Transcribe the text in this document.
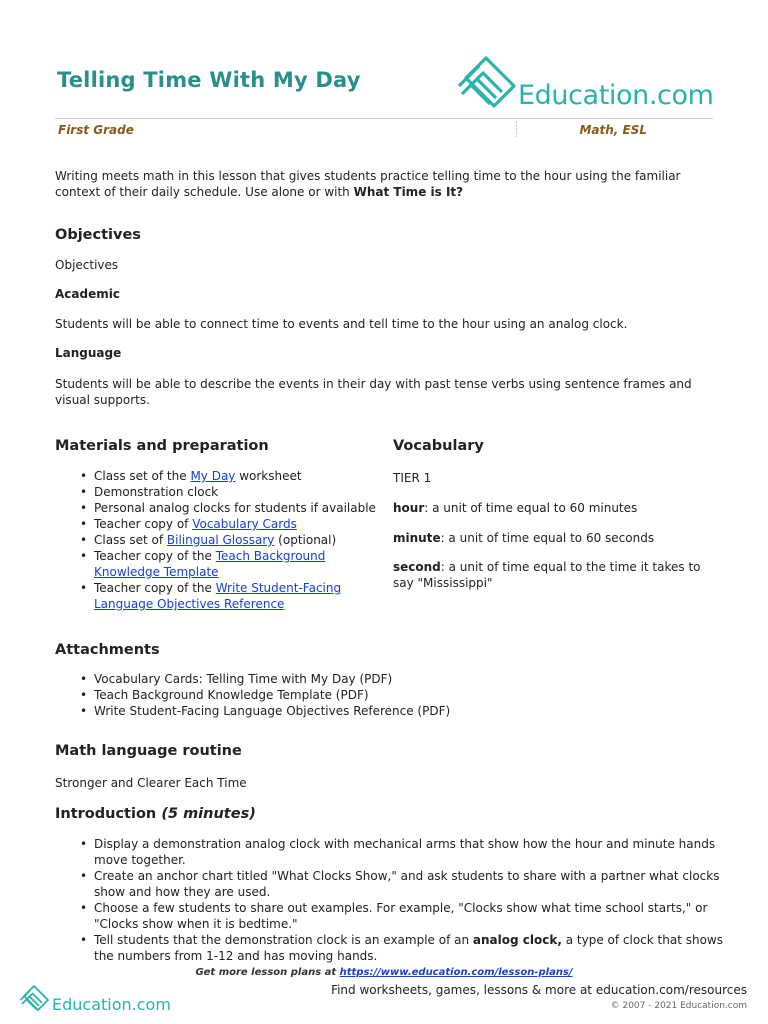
Telling Time With My Day	Education.com
First Grade	Math, ESL
Writing meets math in this lesson that gives students practice telling time to the hour using the familiar context of their daily schedule. Use alone or with What Time is It?
Objectives
Objectives
Academic
Students will be able to connect time to events and tell time to the hour using an analog clock.
Language
Students will be able to describe the events in their day with past tense verbs using sentence frames and visual supports.
Materials and preparation
• Class set of the My Day worksheet
• Demonstration clock
• Personal analog clocks for students if available
• Teacher copy of Vocabulary Cards
• Class set of Bilingual Glossary (optional)
• Teacher copy of the Teach Background Knowledge Template
• Teacher copy of the Write Student-Facing Language Objectives Reference
Vocabulary
TIER 1
hour: a unit of time equal to 60 minutes
minute: a unit of time equal to 60 seconds
second: a unit of time equal to the time it takes to say "Mississippi"
Attachments
• Vocabulary Cards: Telling Time with My Day (PDF)
• Teach Background Knowledge Template (PDF)
• Write Student-Facing Language Objectives Reference (PDF)
Math language routine
Stronger and Clearer Each Time
Introduction (5 minutes)
• Display a demonstration analog clock with mechanical arms that show how the hour and minute hands move together.
• Create an anchor chart titled "What Clocks Show," and ask students to share with a partner what clocks show and how they are used.
• Choose a few students to share out examples. For example, "Clocks show what time school starts," or "Clocks show when it is bedtime."
• Tell students that the demonstration clock is an example of an analog clock, a type of clock that shows the numbers from 1-12 and has moving hands.
Get more lesson plans at https://www.education.com/lesson-plans/
Education.com
Find worksheets, games, lessons & more at education.com/resources
© 2007 - 2021 Education.com
